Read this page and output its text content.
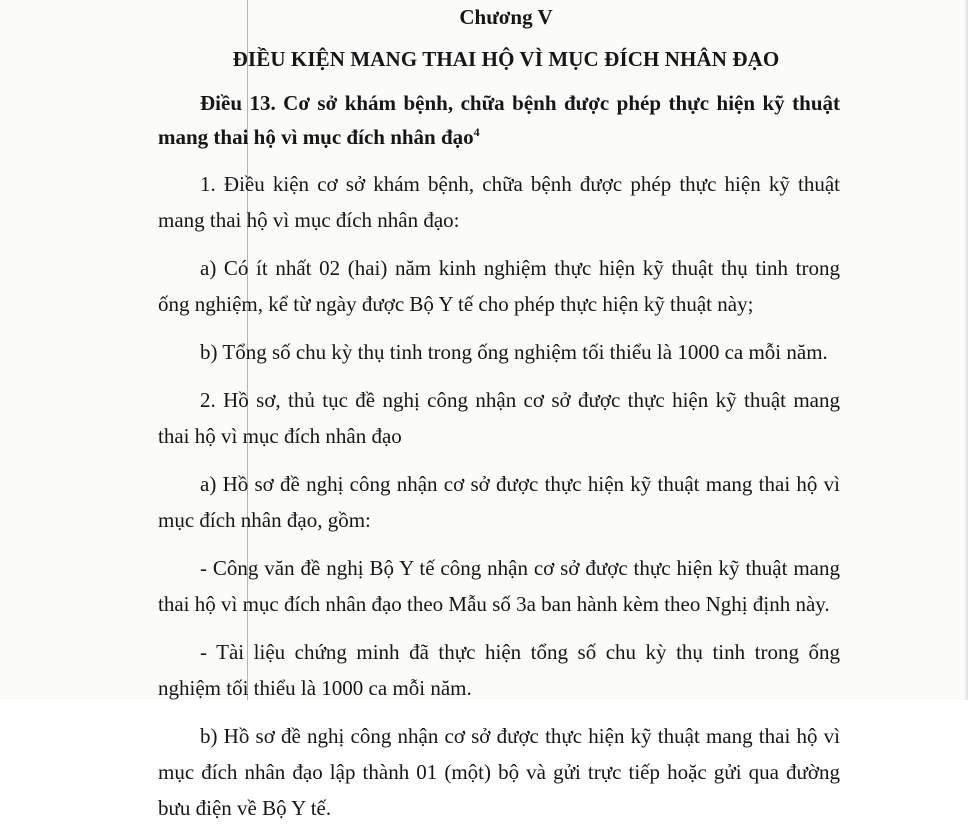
Chương V

ĐIỀU KIỆN MANG THAI HỘ VÌ MỤC ĐÍCH NHÂN ĐẠO

Điều 13. Cơ sở khám bệnh, chữa bệnh được phép thực hiện kỹ thuật mang thai hộ vì mục đích nhân đạo$^4$

1. Điều kiện cơ sở khám bệnh, chữa bệnh được phép thực hiện kỹ thuật mang thai hộ vì mục đích nhân đạo:

a) Có ít nhất 02 (hai) năm kinh nghiệm thực hiện kỹ thuật thụ tinh trong ống nghiệm, kể từ ngày được Bộ Y tế cho phép thực hiện kỹ thuật này;

b) Tổng số chu kỳ thụ tinh trong ống nghiệm tối thiểu là 1000 ca mỗi năm.

2. Hồ sơ, thủ tục đề nghị công nhận cơ sở được thực hiện kỹ thuật mang thai hộ vì mục đích nhân đạo

a) Hồ sơ đề nghị công nhận cơ sở được thực hiện kỹ thuật mang thai hộ vì mục đích nhân đạo, gồm:

- Công văn đề nghị Bộ Y tế công nhận cơ sở được thực hiện kỹ thuật mang thai hộ vì mục đích nhân đạo theo Mẫu số 3a ban hành kèm theo Nghị định này.

- Tài liệu chứng minh đã thực hiện tổng số chu kỳ thụ tinh trong ống nghiệm tối thiểu là 1000 ca mỗi năm.

b) Hồ sơ đề nghị công nhận cơ sở được thực hiện kỹ thuật mang thai hộ vì mục đích nhân đạo lập thành 01 (một) bộ và gửi trực tiếp hoặc gửi qua đường bưu điện về Bộ Y tế.
